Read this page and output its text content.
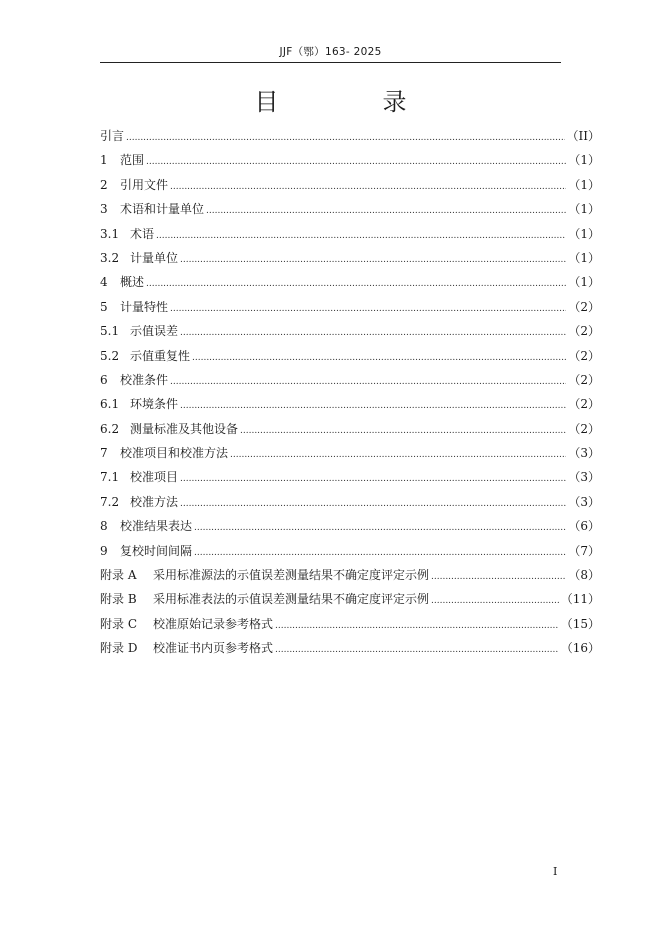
JJF（鄂）163- 2025
目　录
引言 .....	（II）
1	范围 .....	（1）
2	引用文件 .....	（1）
3	术语和计量单位 .....	（1）
3.1 术语 .....	（1）
3.2 计量单位 .....	（1）
4	概述 .....	（1）
5	计量特性 .....	（2）
5.1 示值误差 .....	（2）
5.2 示值重复性 .....	（2）
6	校准条件 .....	（2）
6.1 环境条件 .....	（2）
6.2 测量标准及其他设备 .....	（2）
7	校准项目和校准方法 .....	（3）
7.1 校准项目 .....	（3）
7.2 校准方法 .....	（3）
8	校准结果表达 .....	（6）
9	复校时间间隔 .....	（7）
附录 A	采用标准源法的示值误差测量结果不确定度评定示例 .....	（8）
附录 B	采用标准表法的示值误差测量结果不确定度评定示例 .....	（11）
附录 C	校准原始记录参考格式 .....	（15）
附录 D	校准证书内页参考格式 .....	（16）
I
